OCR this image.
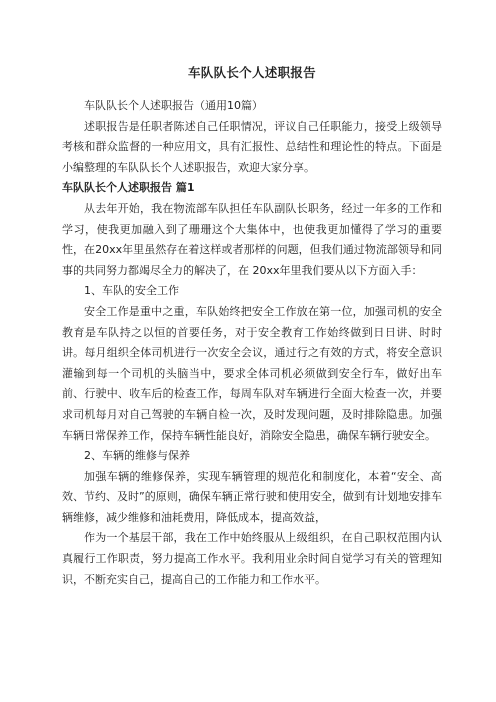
车队队长个人述职报告

车队队长个人述职报告（通用10篇）

述职报告是任职者陈述自己任职情况，评议自己任职能力，接受上级领导考核和群众监督的一种应用文，具有汇报性、总结性和理论性的特点。下面是小编整理的车队队长个人述职报告，欢迎大家分享。

车队队长个人述职报告 篇1

从去年开始，我在物流部车队担任车队副队长职务，经过一年多的工作和学习，使我更加融入到了珊珊这个大集体中，也使我更加懂得了学习的重要性，在20xx年里虽然存在着这样或者那样的问题，但我们通过物流部领导和同事的共同努力都竭尽全力的解决了，在 20xx年里我们要从以下方面入手：

1、车队的安全工作

安全工作是重中之重，车队始终把安全工作放在第一位，加强司机的安全教育是车队持之以恒的首要任务，对于安全教育工作始终做到日日讲、时时讲。每月组织全体司机进行一次安全会议，通过行之有效的方式，将安全意识灌输到每一个司机的头脑当中，要求全体司机必须做到安全行车，做好出车前、行驶中、收车后的检查工作，每周车队对车辆进行全面大检查一次，并要求司机每月对自己驾驶的车辆自检一次，及时发现问题，及时排除隐患。加强车辆日常保养工作，保持车辆性能良好，消除安全隐患，确保车辆行驶安全。

2、车辆的维修与保养

加强车辆的维修保养，实现车辆管理的规范化和制度化，本着“安全、高效、节约、及时”的原则，确保车辆正常行驶和使用安全，做到有计划地安排车辆维修，减少维修和油耗费用，降低成本，提高效益，

作为一个基层干部，我在工作中始终服从上级组织，在自己职权范围内认真履行工作职责，努力提高工作水平。我利用业余时间自觉学习有关的管理知识，不断充实自己，提高自己的工作能力和工作水平。
